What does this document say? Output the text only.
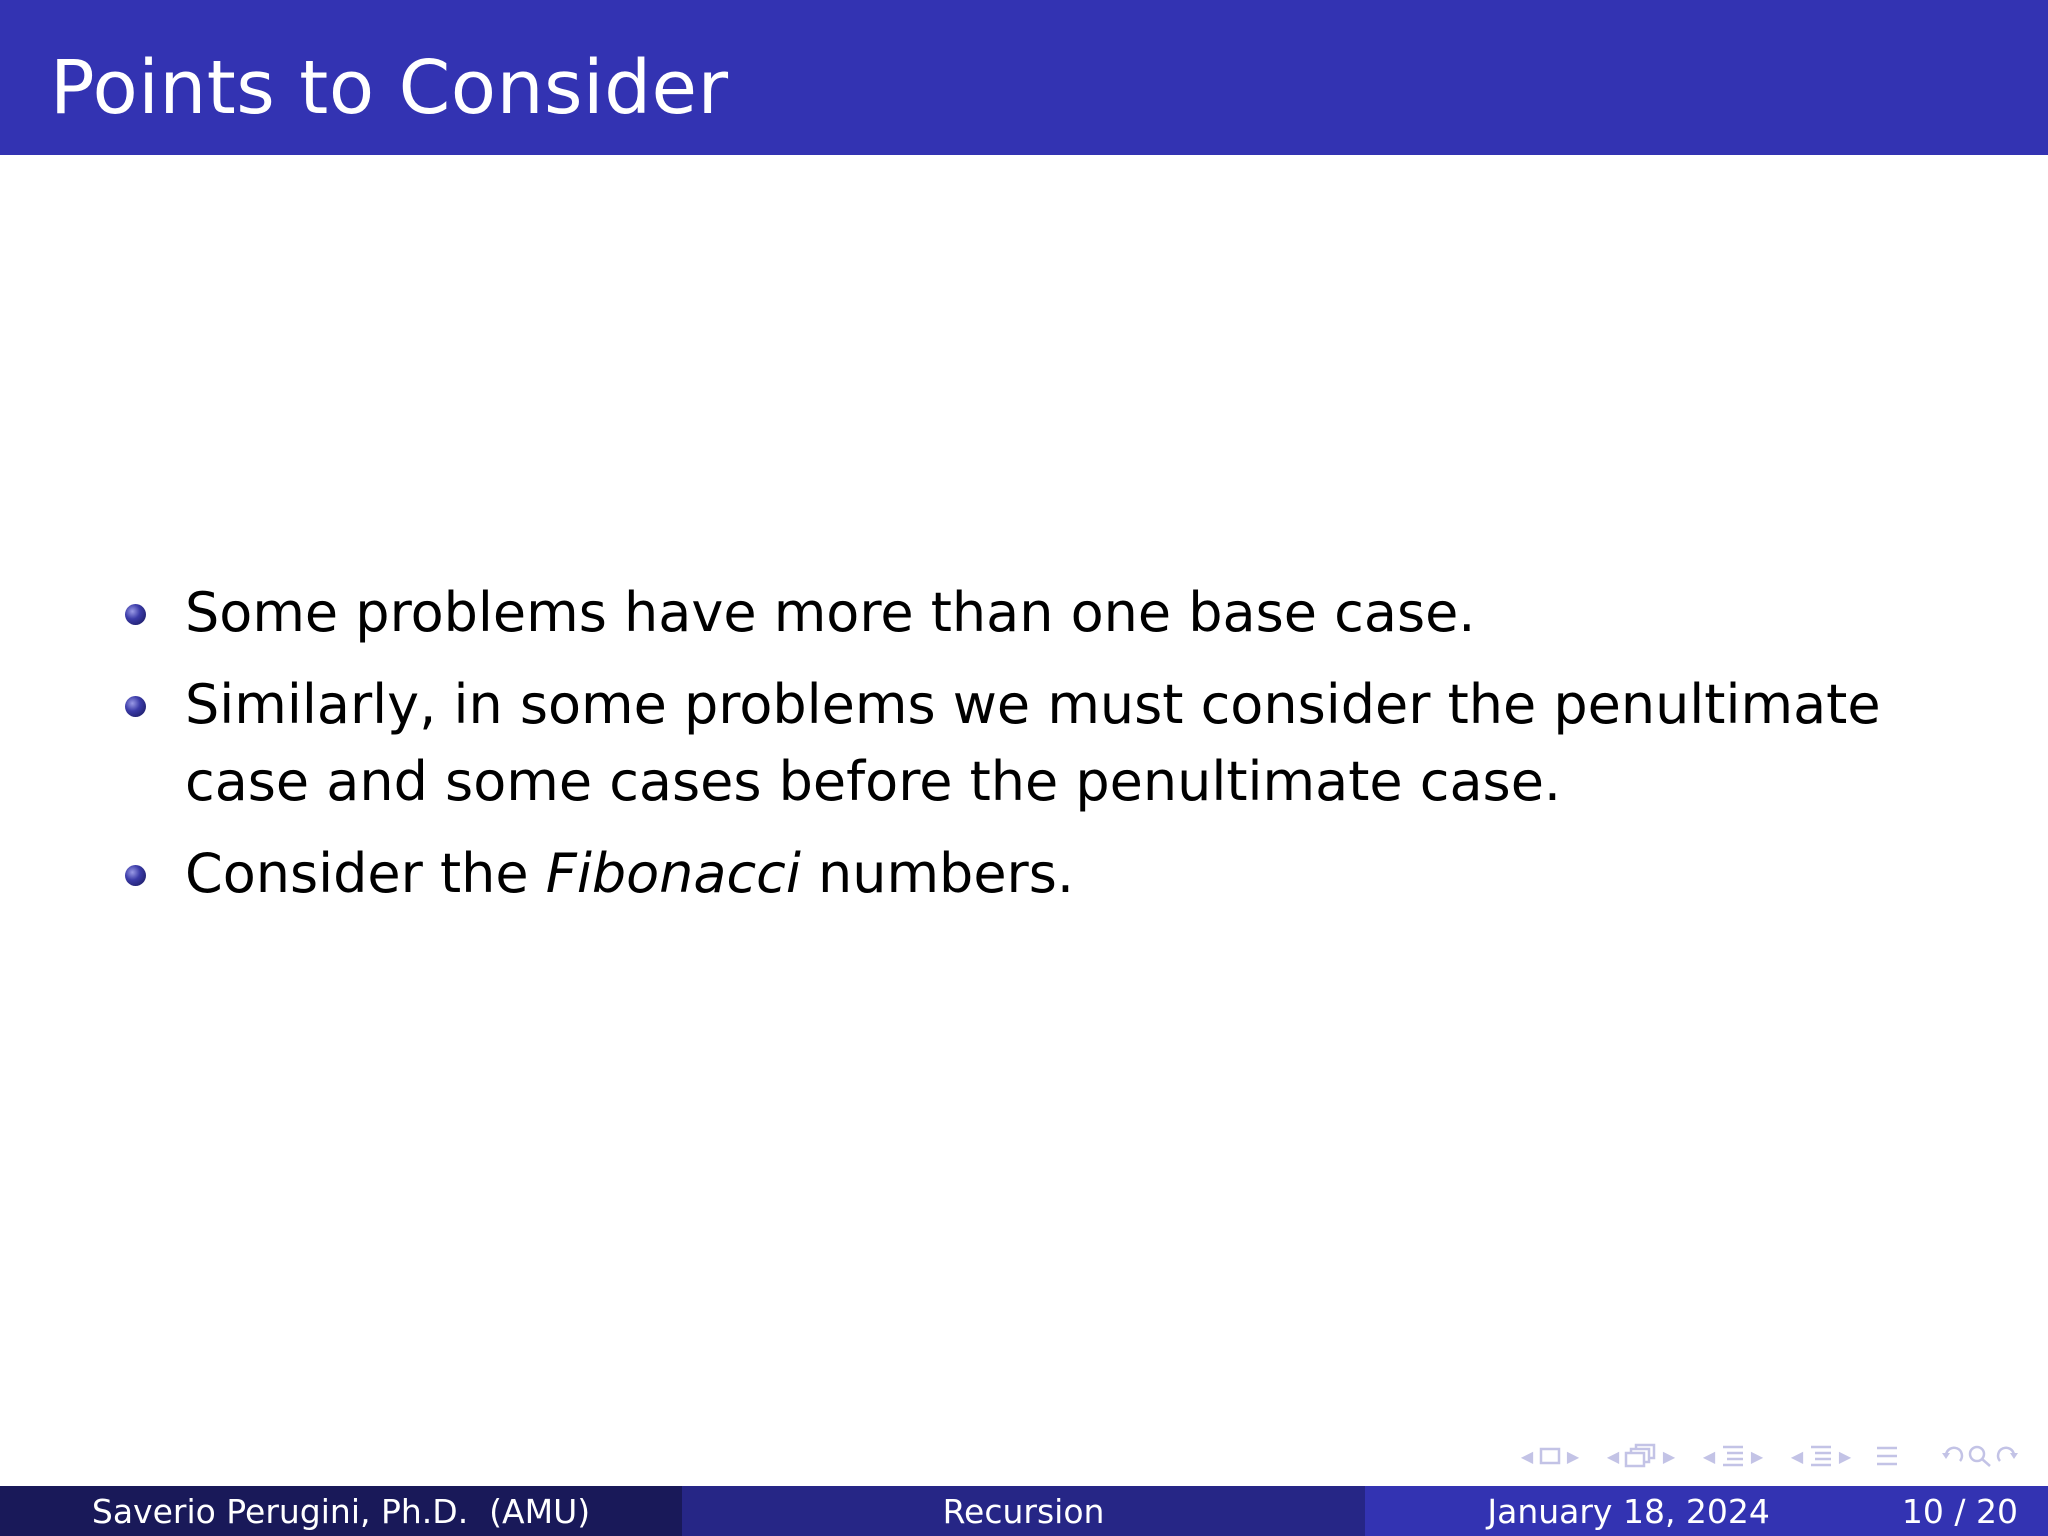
Points to Consider
Some problems have more than one base case.
Similarly, in some problems we must consider the penultimate case and some cases before the penultimate case.
Consider the Fibonacci numbers.
◀	▶	◀	▶	◀	▶	◀	▶
Saverio Perugini, Ph.D.  (AMU)	Recursion	January 18, 2024	10 / 20
